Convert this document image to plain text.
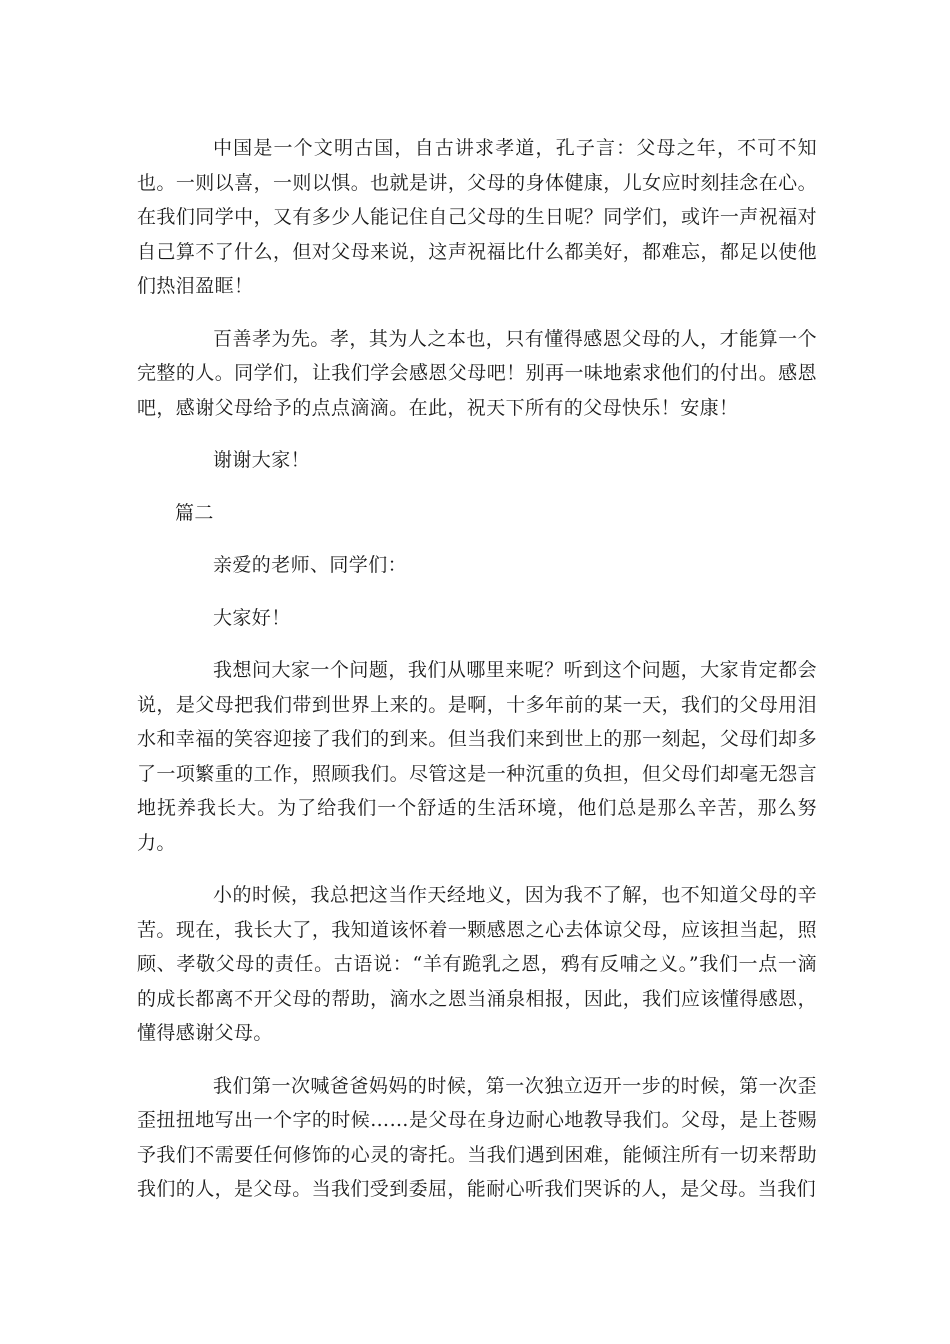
中国是一个文明古国，自古讲求孝道，孔子言：父母之年，不可不知也。一则以喜，一则以惧。也就是讲，父母的身体健康，儿女应时刻挂念在心。在我们同学中，又有多少人能记住自己父母的生日呢？同学们，或许一声祝福对自己算不了什么，但对父母来说，这声祝福比什么都美好，都难忘，都足以使他们热泪盈眶！

百善孝为先。孝，其为人之本也，只有懂得感恩父母的人，才能算一个完整的人。同学们，让我们学会感恩父母吧！别再一味地索求他们的付出。感恩吧，感谢父母给予的点点滴滴。在此，祝天下所有的父母快乐！安康！

谢谢大家！

篇二

亲爱的老师、同学们：

大家好！

我想问大家一个问题，我们从哪里来呢？听到这个问题，大家肯定都会说，是父母把我们带到世界上来的。是啊，十多年前的某一天，我们的父母用泪水和幸福的笑容迎接了我们的到来。但当我们来到世上的那一刻起，父母们却多了一项繁重的工作，照顾我们。尽管这是一种沉重的负担，但父母们却毫无怨言地抚养我长大。为了给我们一个舒适的生活环境，他们总是那么辛苦，那么努力。

小的时候，我总把这当作天经地义，因为我不了解，也不知道父母的辛苦。现在，我长大了，我知道该怀着一颗感恩之心去体谅父母，应该担当起，照顾、孝敬父母的责任。古语说：“羊有跪乳之恩，鸦有反哺之义。”我们一点一滴的成长都离不开父母的帮助，滴水之恩当涌泉相报，因此，我们应该懂得感恩，懂得感谢父母。

我们第一次喊爸爸妈妈的时候，第一次独立迈开一步的时候，第一次歪歪扭扭地写出一个字的时候……是父母在身边耐心地教导我们。父母，是上苍赐予我们不需要任何修饰的心灵的寄托。当我们遇到困难，能倾注所有一切来帮助我们的人，是父母。当我们受到委屈，能耐心听我们哭诉的人，是父母。当我们
